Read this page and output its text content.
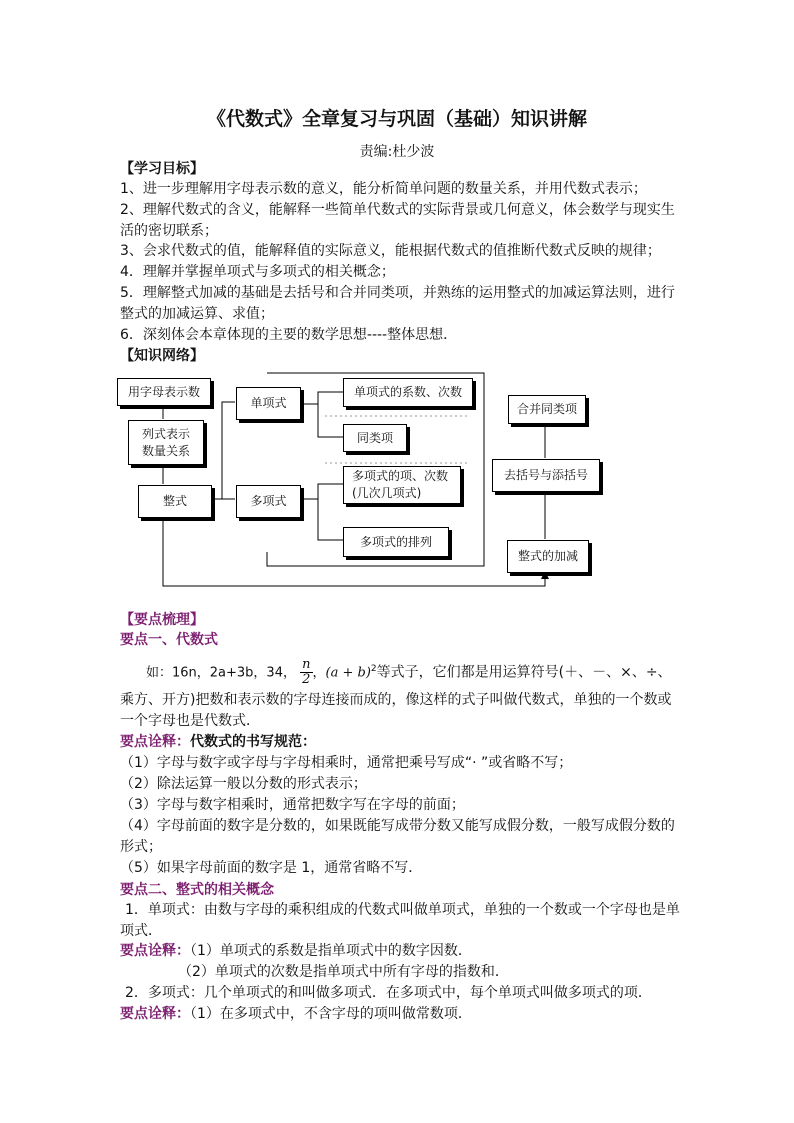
《代数式》全章复习与巩固（基础）知识讲解
责编:杜少波
【学习目标】
1、进一步理解用字母表示数的意义，能分析简单问题的数量关系，并用代数式表示；
2、理解代数式的含义，能解释一些简单代数式的实际背景或几何意义，体会数学与现实生
活的密切联系；
3、会求代数式的值，能解释值的实际意义，能根据代数式的值推断代数式反映的规律；
4．理解并掌握单项式与多项式的相关概念；
5．理解整式加减的基础是去括号和合并同类项，并熟练的运用整式的加减运算法则，进行
整式的加减运算、求值；
6．深刻体会本章体现的主要的数学思想----整体思想．
【知识网络】
用字母表示数
列式表示
数量关系
整式
单项式
多项式
单项式的系数、次数
同类项
多项式的项、次数
(几次几项式)
多项式的排列
合并同类项
去括号与添括号
整式的加减
【要点梳理】
要点一、代数式
如：16n，2a+3b，34， $\frac{n}{2}$ ，$(a + b)^2$等式子，它们都是用运算符号(＋、－、×、÷、
乘方、开方)把数和表示数的字母连接而成的，像这样的式子叫做代数式，单独的一个数或
一个字母也是代数式．
要点诠释：代数式的书写规范：
（1）字母与数字或字母与字母相乘时，通常把乘号写成“· ”或省略不写；
（2）除法运算一般以分数的形式表示；
（3）字母与数字相乘时，通常把数字写在字母的前面；
（4）字母前面的数字是分数的，如果既能写成带分数又能写成假分数，一般写成假分数的
形式；
（5）如果字母前面的数字是 1，通常省略不写．
要点二、整式的相关概念
1．单项式：由数与字母的乘积组成的代数式叫做单项式，单独的一个数或一个字母也是单
项式．
要点诠释：（1）单项式的系数是指单项式中的数字因数．
（2）单项式的次数是指单项式中所有字母的指数和．
2．多项式：几个单项式的和叫做多项式．在多项式中，每个单项式叫做多项式的项．
要点诠释：（1）在多项式中，不含字母的项叫做常数项．
